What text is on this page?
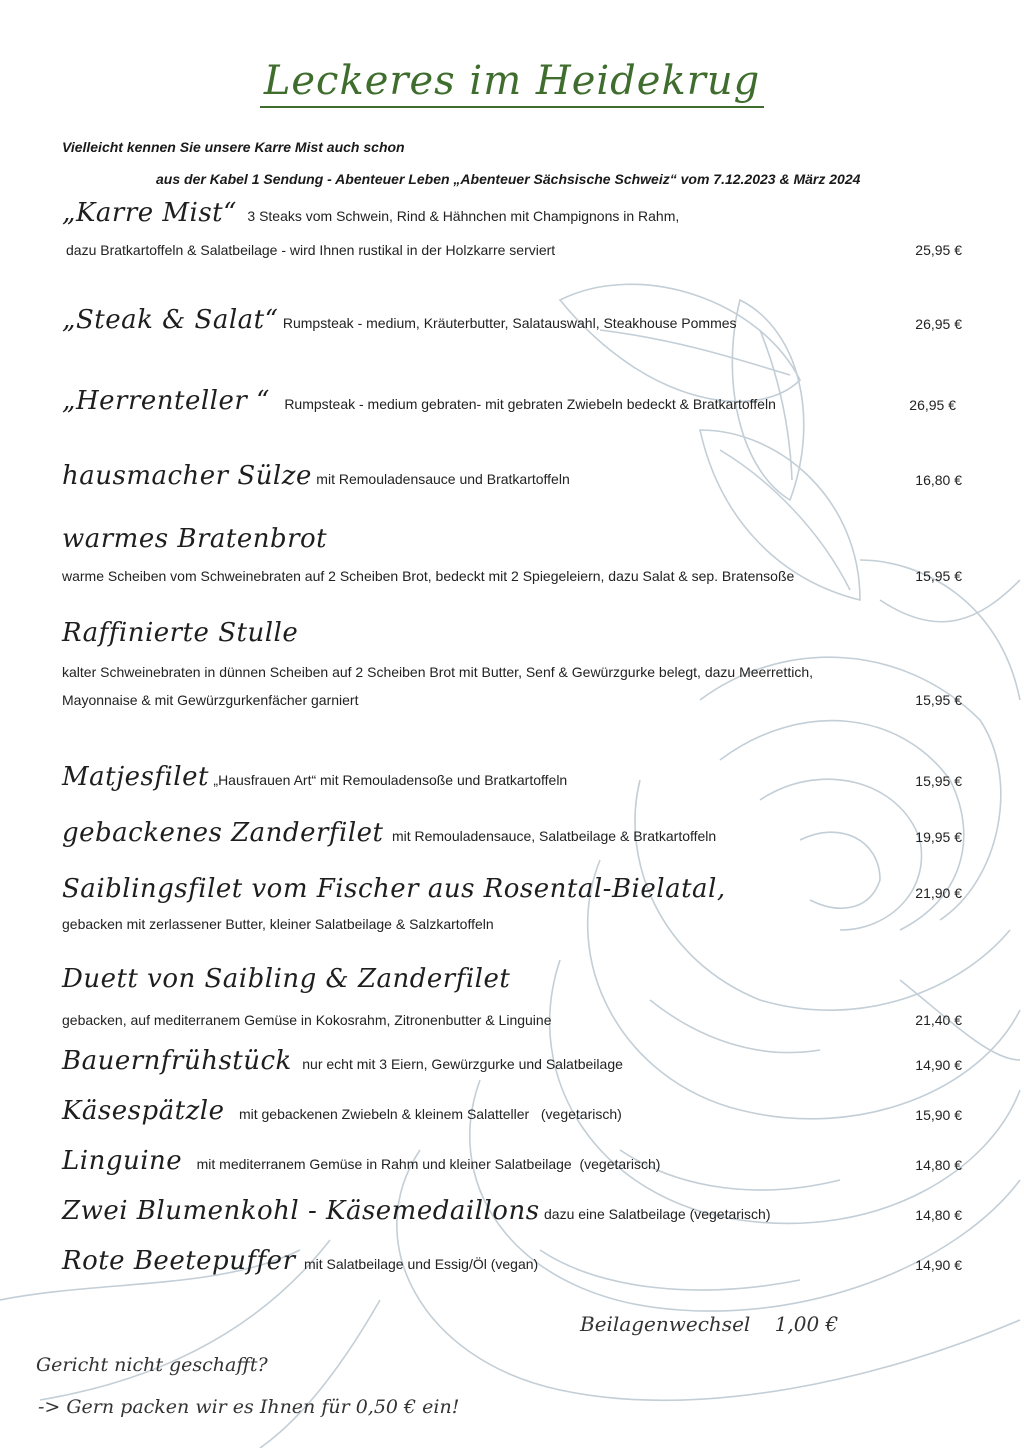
Leckeres im Heidekrug
Vielleicht kennen Sie unsere Karre Mist auch schon
aus der Kabel 1 Sendung - Abenteuer Leben „Abenteuer Sächsische Schweiz“ vom 7.12.2023 & März 2024
„Karre Mist“ 3 Steaks vom Schwein, Rind & Hähnchen mit Champignons in Rahm,
dazu Bratkartoffeln & Salatbeilage - wird Ihnen rustikal in der Holzkarre serviert	25,95 €
„Steak & Salat“ Rumpsteak - medium, Kräuterbutter, Salatauswahl, Steakhouse Pommes	26,95 €
„Herrenteller “ Rumpsteak - medium gebraten- mit gebraten Zwiebeln bedeckt & Bratkartoffeln	26,95 €
hausmacher Sülze mit Remouladensauce und Bratkartoffeln	16,80 €
warmes Bratenbrot
warme Scheiben vom Schweinebraten auf 2 Scheiben Brot, bedeckt mit 2 Spiegeleiern, dazu Salat & sep. Bratensoße	15,95 €
Raffinierte Stulle
kalter Schweinebraten in dünnen Scheiben auf 2 Scheiben Brot mit Butter, Senf & Gewürzgurke belegt, dazu Meerrettich,
Mayonnaise & mit Gewürzgurkenfächer garniert	15,95 €
Matjesfilet „Hausfrauen Art“ mit Remouladensoße und Bratkartoffeln	15,95 €
gebackenes Zanderfilet mit Remouladensauce, Salatbeilage & Bratkartoffeln	19,95 €
Saiblingsfilet vom Fischer aus Rosental-Bielatal,	21,90 €
gebacken mit zerlassener Butter, kleiner Salatbeilage & Salzkartoffeln
Duett von Saibling & Zanderfilet
gebacken, auf mediterranem Gemüse in Kokosrahm, Zitronenbutter & Linguine	21,40 €
Bauernfrühstück nur echt mit 3 Eiern, Gewürzgurke und Salatbeilage	14,90 €
Käsespätzle mit gebackenen Zwiebeln & kleinem Salatteller   (vegetarisch)	15,90 €
Linguine mit mediterranem Gemüse in Rahm und kleiner Salatbeilage  (vegetarisch)	14,80 €
Zwei Blumenkohl - Käsemedaillons dazu eine Salatbeilage (vegetarisch)	14,80 €
Rote Beetepuffer mit Salatbeilage und Essig/Öl (vegan)	14,90 €
Beilagenwechsel 1,00 €
Gericht nicht geschafft?
-> Gern packen wir es Ihnen für 0,50 € ein!
